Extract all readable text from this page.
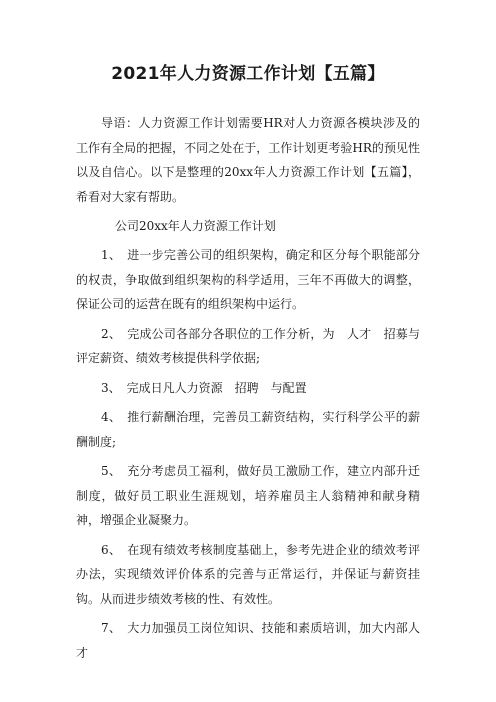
2021年人力资源工作计划【五篇】

导语：人力资源工作计划需要HR对人力资源各模块涉及的工作有全局的把握，不同之处在于，工作计划更考验HR的预见性以及自信心。以下是整理的20xx年人力资源工作计划【五篇】，希看对大家有帮助。

公司20xx年人力资源工作计划

1、　进一步完善公司的组织架构，确定和区分每个职能部分的权责，争取做到组织架构的科学适用，三年不再做大的调整，保证公司的运营在既有的组织架构中运行。

2、　完成公司各部分各职位的工作分析，为　人才　招募与评定薪资、绩效考核提供科学依据;

3、　完成日凡人力资源　招聘　与配置

4、　推行薪酬治理，完善员工薪资结构，实行科学公平的薪酬制度;

5、　充分考虑员工福利，做好员工激励工作，建立内部升迁制度，做好员工职业生涯规划，培养雇员主人翁精神和献身精神，增强企业凝聚力。

6、　在现有绩效考核制度基础上，参考先进企业的绩效考评办法，实现绩效评价体系的完善与正常运行，并保证与薪资挂钩。从而进步绩效考核的性、有效性。

7、　大力加强员工岗位知识、技能和素质培训，加大内部人才
